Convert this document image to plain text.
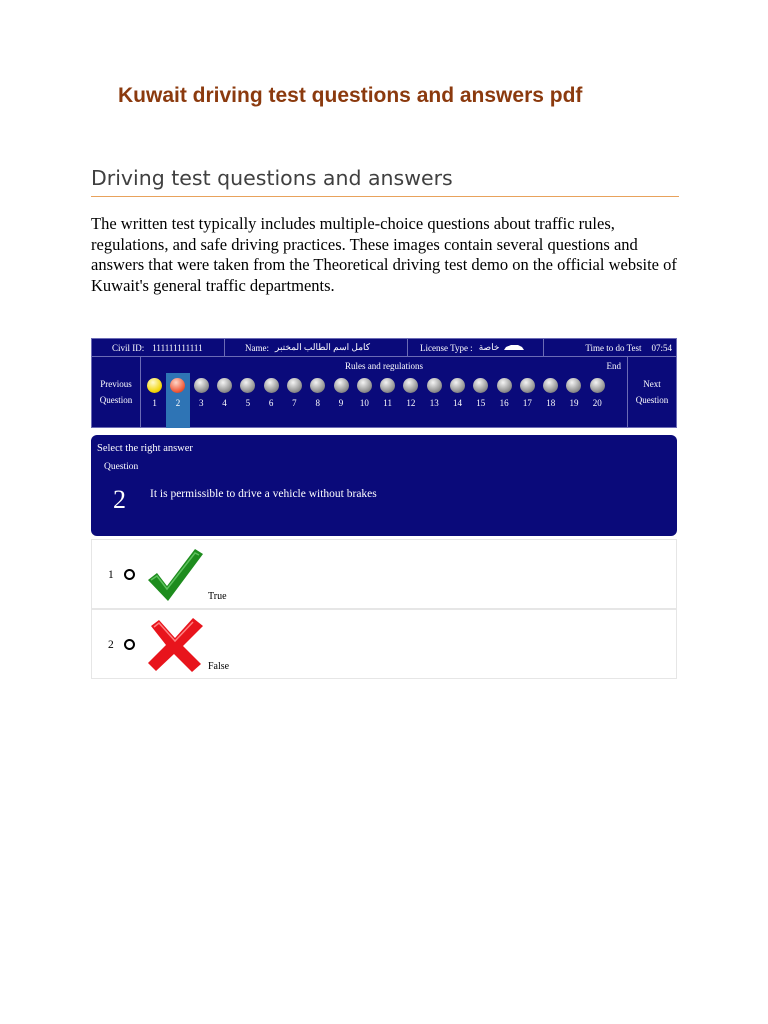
Kuwait driving test questions and answers pdf
Driving test questions and answers
The written test typically includes multiple-choice questions about traffic rules, regulations, and safe driving practices. These images contain several questions and answers that were taken from the Theoretical driving test demo on the official website of Kuwait's general traffic departments.
Civil ID: 111111111111	Name: كامل اسم الطالب المختبر	License Type : خاصة	Time to do Test 07:54
Previous
Question
Rules and regulations	End
1 2 3 4 5 6 7 8 9 10 11 12 13 14 15 16 17 18 19 20
Next
Question
Select the right answer
Question
2 It is permissible to drive a vehicle without brakes
1
True
2
False
